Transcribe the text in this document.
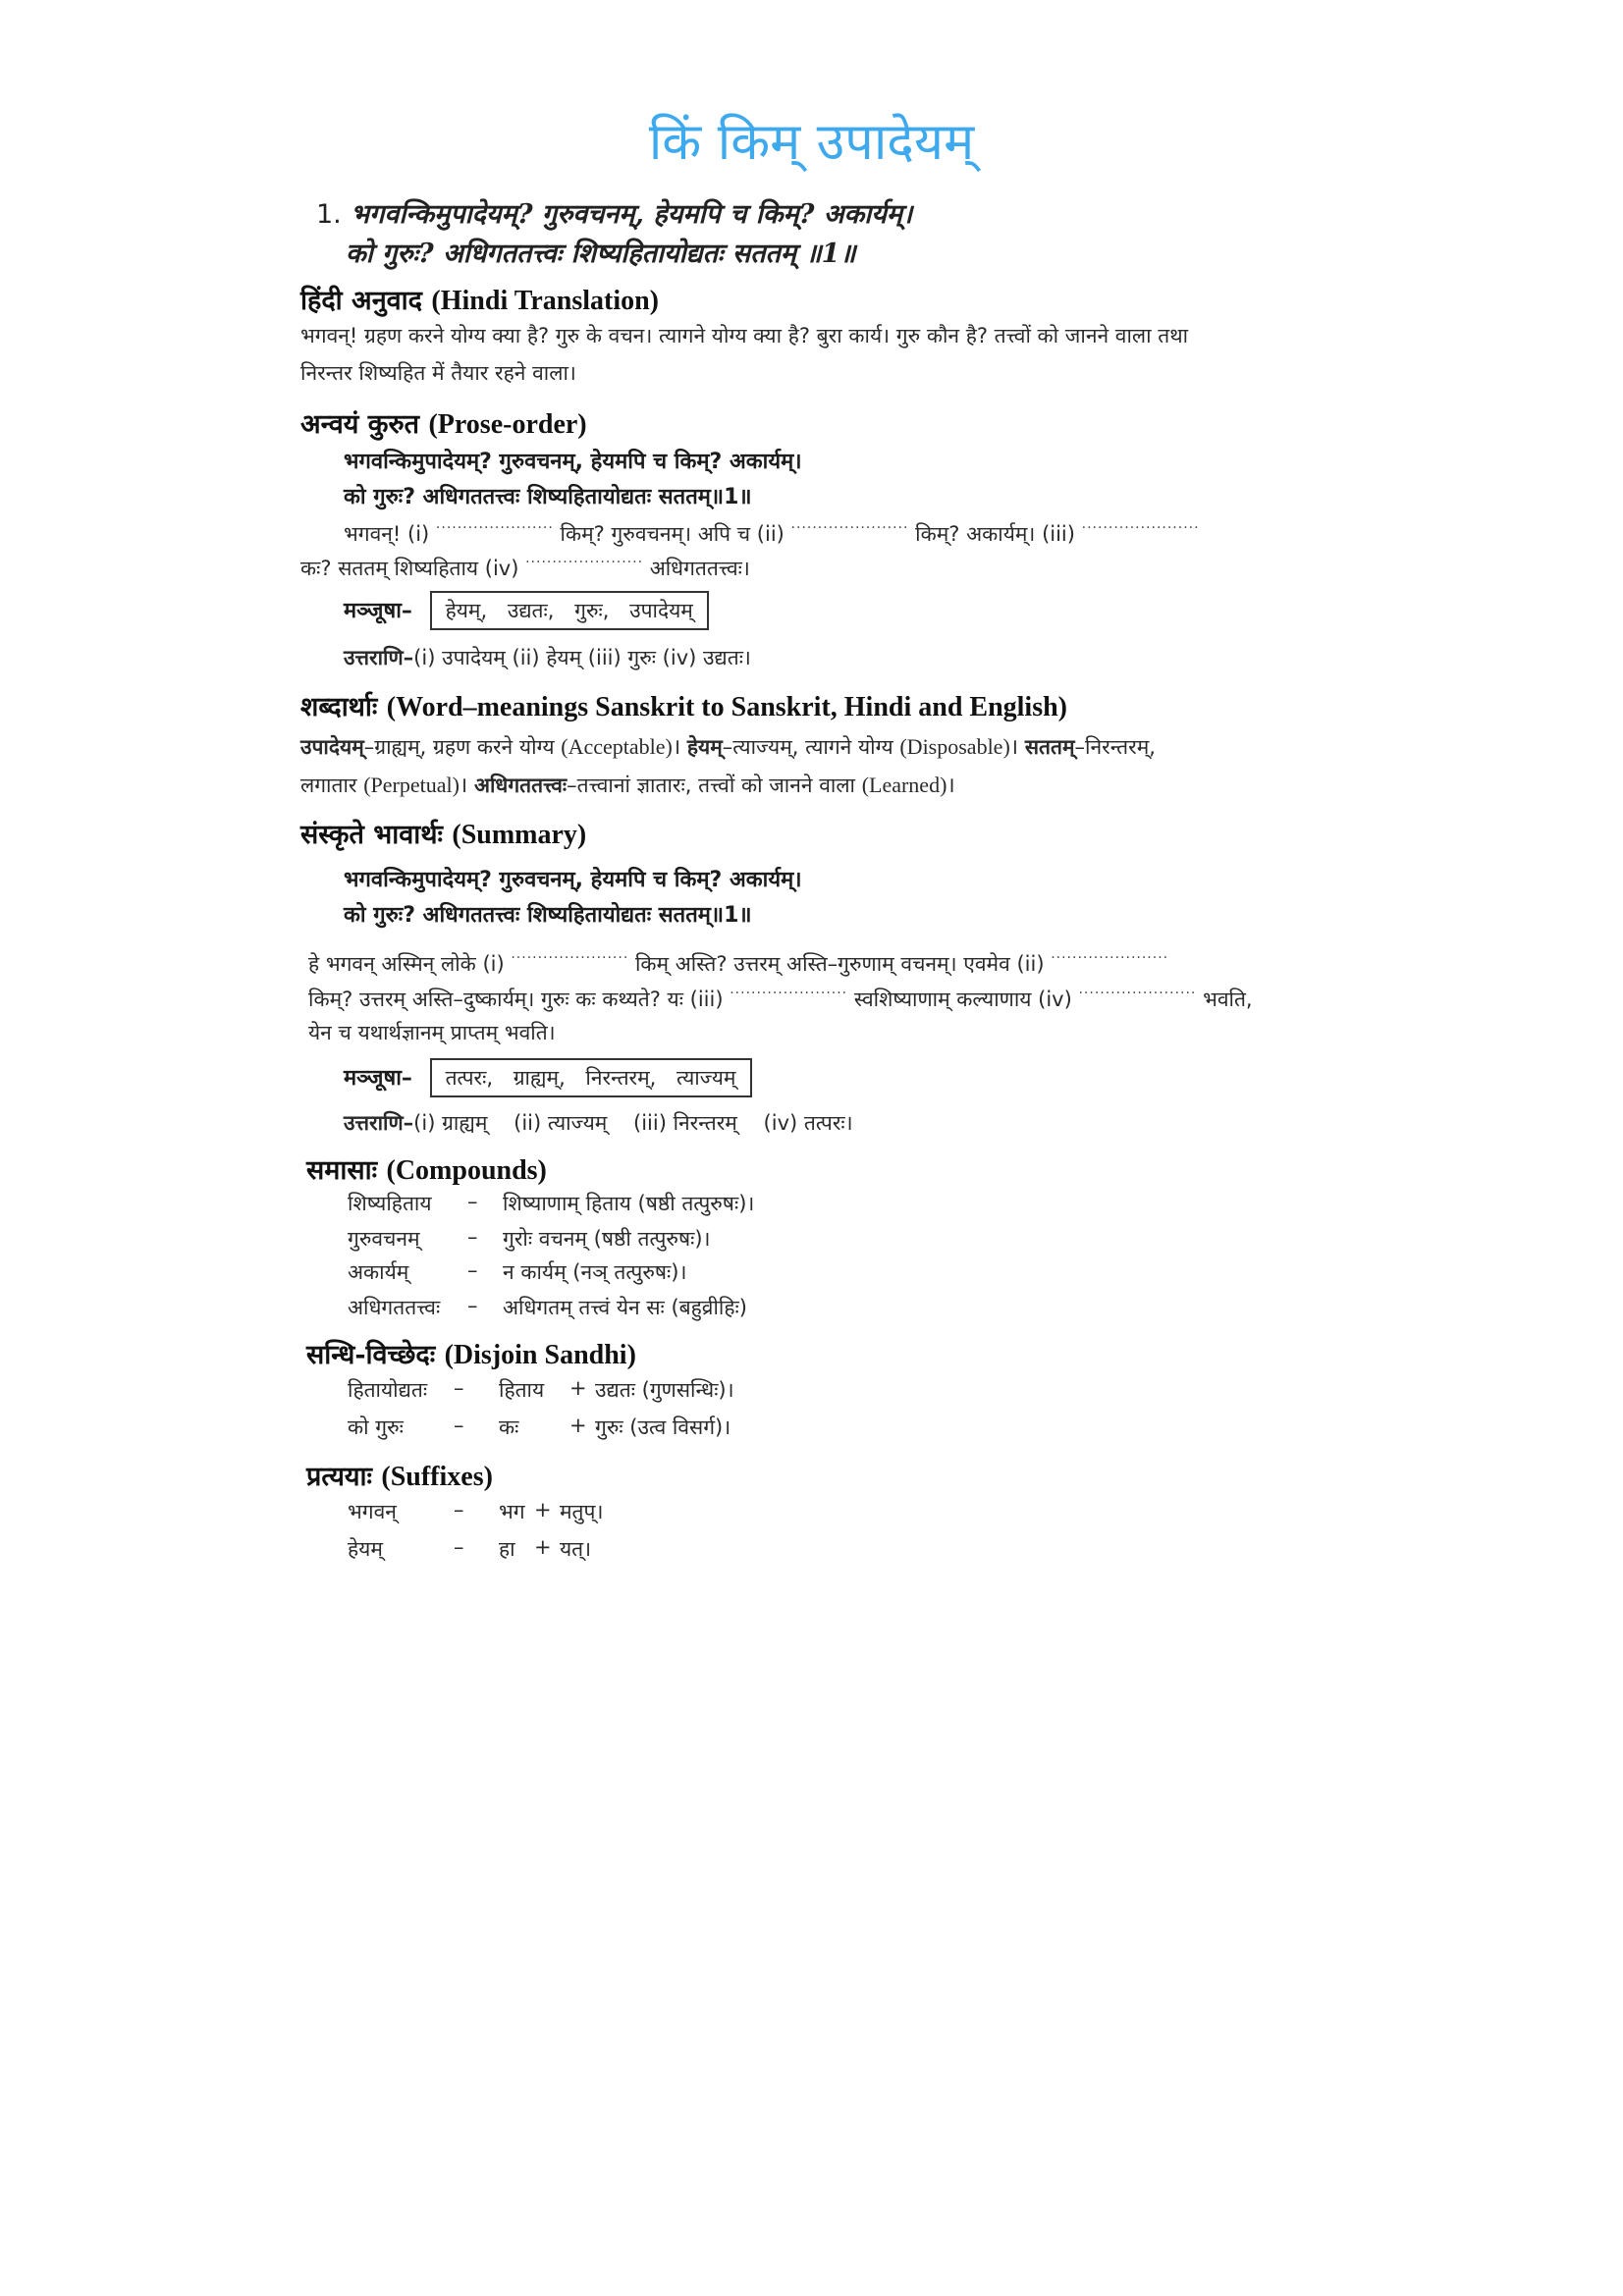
किं किम् उपादेयम्
1. भगवन्किमुपादेयम्? गुरुवचनम्, हेयमपि च किम्? अकार्यम्।
को गुरुः? अधिगततत्त्वः शिष्यहितायोद्यतः सततम् ॥1॥
हिंदी अनुवाद (Hindi Translation)
भगवन्! ग्रहण करने योग्य क्या है? गुरु के वचन। त्यागने योग्य क्या है? बुरा कार्य। गुरु कौन है? तत्त्वों को जानने वाला तथा
निरन्तर शिष्यहित में तैयार रहने वाला।
अन्वयं कुरुत (Prose-order)
भगवन्किमुपादेयम्? गुरुवचनम्, हेयमपि च किम्? अकार्यम्।
को गुरुः? अधिगततत्त्वः शिष्यहितायोद्यतः सततम्॥1॥
भगवन्! (i) ······················ किम्? गुरुवचनम्। अपि च (ii) ······················ किम्? अकार्यम्। (iii) ······················
कः? सततम् शिष्यहिताय (iv) ······················ अधिगततत्त्वः।
मञ्जूषा– हेयम्, उद्यतः, गुरुः, उपादेयम्
उत्तराणि–(i) उपादेयम् (ii) हेयम् (iii) गुरुः (iv) उद्यतः।
शब्दार्थाः (Word–meanings Sanskrit to Sanskrit, Hindi and English)
उपादेयम्–ग्राह्यम्, ग्रहण करने योग्य (Acceptable)। हेयम्–त्याज्यम्, त्यागने योग्य (Disposable)। सततम्–निरन्तरम्,
लगातार (Perpetual)। अधिगततत्त्वः–तत्त्वानां ज्ञातारः, तत्त्वों को जानने वाला (Learned)।
संस्कृते भावार्थः (Summary)
भगवन्किमुपादेयम्? गुरुवचनम्, हेयमपि च किम्? अकार्यम्।
को गुरुः? अधिगततत्त्वः शिष्यहितायोद्यतः सततम्॥1॥
हे भगवन् अस्मिन् लोके (i) ······················ किम् अस्ति? उत्तरम् अस्ति–गुरुणाम् वचनम्। एवमेव (ii) ······················
किम्? उत्तरम् अस्ति–दुष्कार्यम्। गुरुः कः कथ्यते? यः (iii) ······················ स्वशिष्याणाम् कल्याणाय (iv) ······················ भवति,
येन च यथार्थज्ञानम् प्राप्तम् भवति।
मञ्जूषा– तत्परः, ग्राह्यम्, निरन्तरम्, त्याज्यम्
उत्तराणि–(i) ग्राह्यम्    (ii) त्याज्यम्    (iii) निरन्तरम्    (iv) तत्परः।
समासाः (Compounds)
शिष्यहिताय	–	शिष्याणाम् हिताय (षष्ठी तत्पुरुषः)।
गुरुवचनम्	–	गुरोः वचनम् (षष्ठी तत्पुरुषः)।
अकार्यम्	–	न कार्यम् (नञ् तत्पुरुषः)।
अधिगततत्त्वः	–	अधिगतम् तत्त्वं येन सः (बहुव्रीहिः)
सन्धि-विच्छेदः (Disjoin Sandhi)
हितायोद्यतः	–	हिताय	+ उद्यतः (गुणसन्धिः)।
को गुरुः	–	कः	+ गुरुः (उत्व विसर्ग)।
प्रत्ययाः (Suffixes)
भगवन्	–	भग + मतुप्।
हेयम्	–	हा + यत्।
